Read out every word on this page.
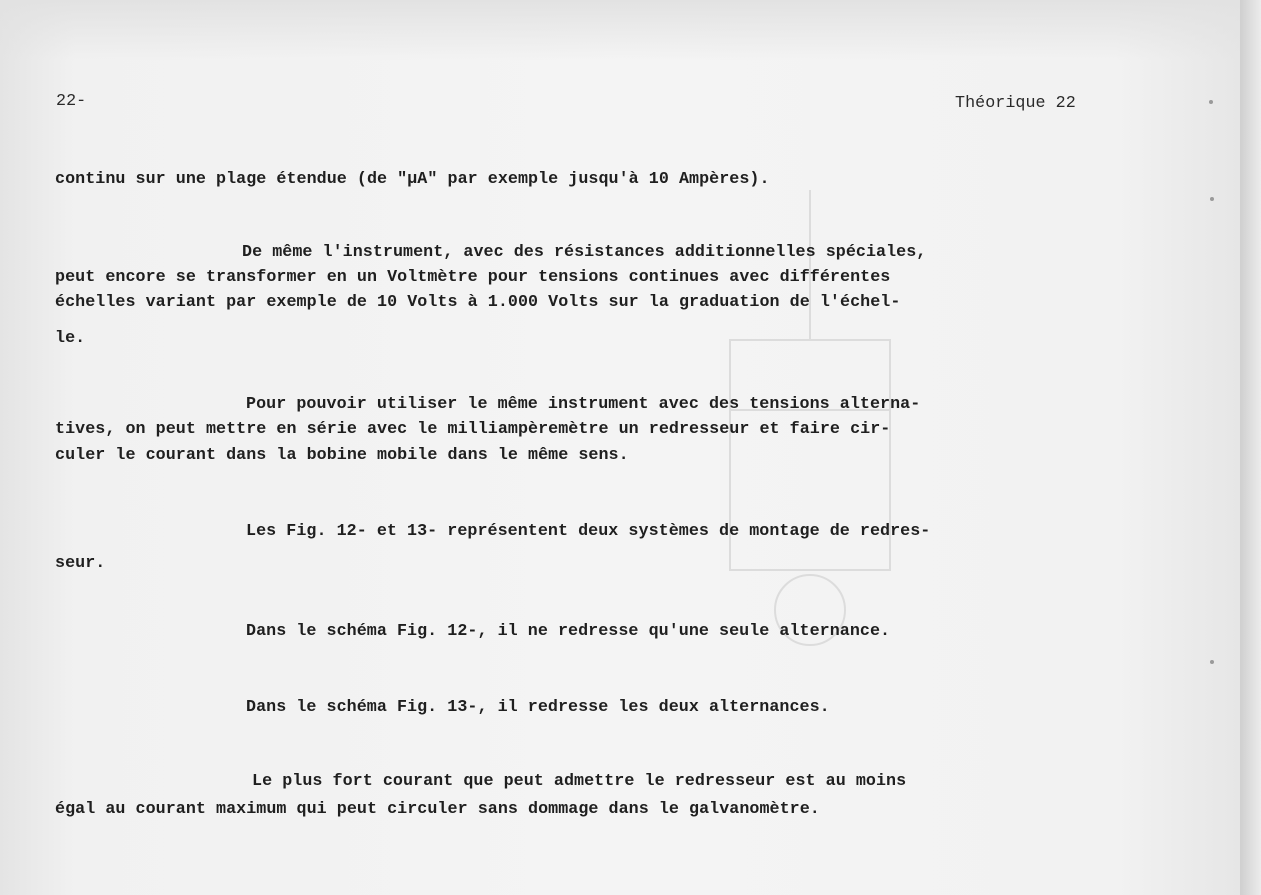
22-	Théorique 22
continu sur une plage étendue (de "µA" par exemple jusqu'à 10 Ampères).
De même l'instrument, avec des résistances additionnelles spéciales,
peut encore se transformer en un Voltmètre pour tensions continues avec différentes
échelles variant par exemple de 10 Volts à 1.000 Volts sur la graduation de l'échel-
le.
Pour pouvoir utiliser le même instrument avec des tensions alterna-
tives, on peut mettre en série avec le milliampèremètre un redresseur et faire cir-
culer le courant dans la bobine mobile dans le même sens.
Les Fig. 12- et 13- représentent deux systèmes de montage de redres-
seur.
Dans le schéma Fig. 12-, il ne redresse qu'une seule alternance.
Dans le schéma Fig. 13-, il redresse les deux alternances.
Le plus fort courant que peut admettre le redresseur est au moins
égal au courant maximum qui peut circuler sans dommage dans le galvanomètre.
